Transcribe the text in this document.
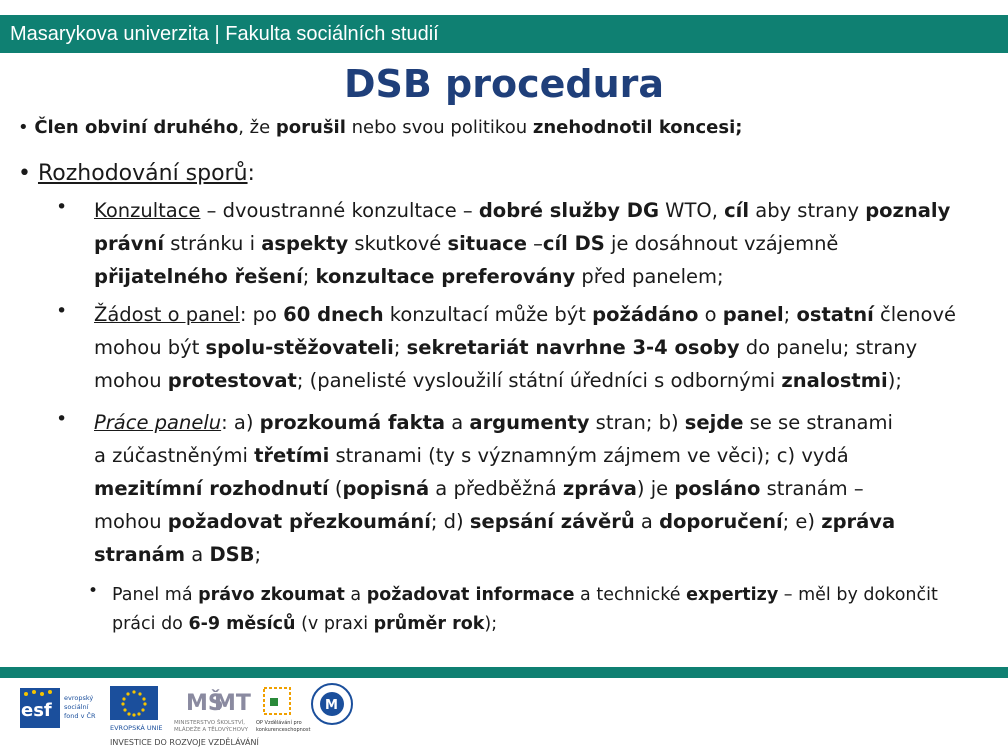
Masarykova univerzita | Fakulta sociálních studií
DSB procedura
• Člen obviní druhého, že porušil nebo svou politikou znehodnotil koncesi;
• Rozhodování sporů:
• Konzultace – dvoustranné konzultace – dobré služby DG WTO, cíl aby strany poznaly
právní stránku i aspekty skutkové situace –cíl DS je dosáhnout vzájemně
přijatelného řešení; konzultace preferovány před panelem;
• Žádost o panel: po 60 dnech konzultací může být požádáno o panel; ostatní členové
mohou být spolu-stěžovateli; sekretariát navrhne 3-4 osoby do panelu; strany
mohou protestovat; (panelisté vysloužilí státní úředníci s odbornými znalostmi);
• Práce panelu: a) prozkoumá fakta a argumenty stran; b) sejde se se stranami
a zúčastněnými třetími stranami (ty s významným zájmem ve věci); c) vydá
mezitímní rozhodnutí (popisná a předběžná zpráva) je posláno stranám –
mohou požadovat přezkoumání; d) sepsání závěrů a doporučení; e) zpráva
stranám a DSB;
• Panel má právo zkoumat a požadovat informace a technické expertizy – měl by dokončit
práci do 6-9 měsíců (v praxi průměr rok);
esf
evropský sociální fond v ČR
EVROPSKÁ UNIE
MŠ
MT
MINISTERSTVO ŠKOLSTVÍ, MLÁDEŽE A TĚLOVÝCHOVY
OP Vzdělávání pro konkurenceschopnost
M
INVESTICE DO ROZVOJE VZDĚLÁVÁNÍ
